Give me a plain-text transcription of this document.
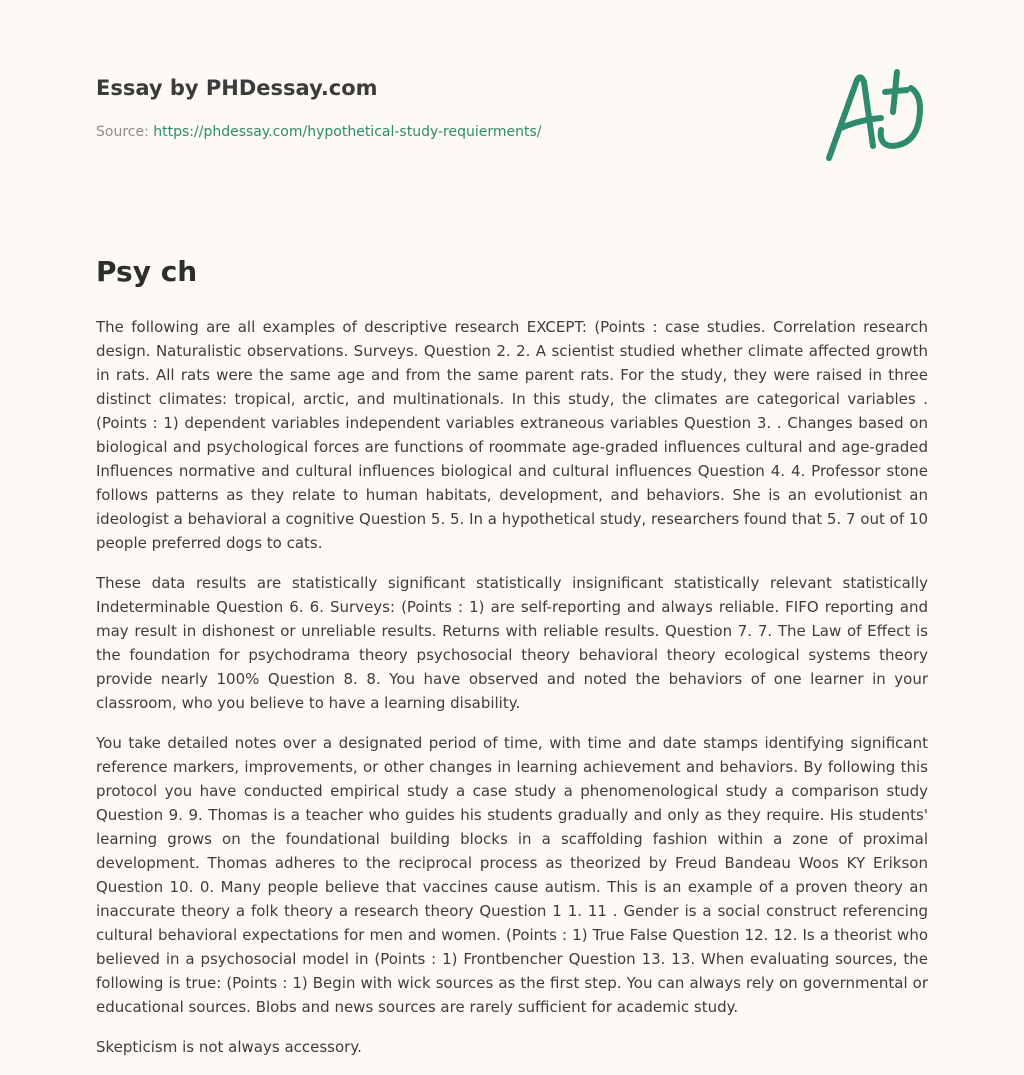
Essay by PHDessay.com
Source: https://phdessay.com/hypothetical-study-requierments/
Psy ch

The following are all examples of descriptive research EXCEPT: (Points : case studies. Correlation research design. Naturalistic observations. Surveys. Question 2. 2. A scientist studied whether climate affected growth in rats. All rats were the same age and from the same parent rats. For the study, they were raised in three distinct climates: tropical, arctic, and multinationals. In this study, the climates are categorical variables . (Points : 1) dependent variables independent variables extraneous variables Question 3. . Changes based on biological and psychological forces are functions of roommate age-graded influences cultural and age-graded Influences normative and cultural influences biological and cultural influences Question 4. 4. Professor stone follows patterns as they relate to human habitats, development, and behaviors. She is an evolutionist an ideologist a behavioral a cognitive Question 5. 5. In a hypothetical study, researchers found that 5. 7 out of 10 people preferred dogs to cats.

These data results are statistically significant statistically insignificant statistically relevant statistically Indeterminable Question 6. 6. Surveys: (Points : 1) are self-reporting and always reliable. FIFO reporting and may result in dishonest or unreliable results. Returns with reliable results. Question 7. 7. The Law of Effect is the foundation for psychodrama theory psychosocial theory behavioral theory ecological systems theory provide nearly 100% Question 8. 8. You have observed and noted the behaviors of one learner in your classroom, who you believe to have a learning disability.

You take detailed notes over a designated period of time, with time and date stamps identifying significant reference markers, improvements, or other changes in learning achievement and behaviors. By following this protocol you have conducted empirical study a case study a phenomenological study a comparison study Question 9. 9. Thomas is a teacher who guides his students gradually and only as they require. His students' learning grows on the foundational building blocks in a scaffolding fashion within a zone of proximal development. Thomas adheres to the reciprocal process as theorized by Freud Bandeau Woos KY Erikson Question 10. 0. Many people believe that vaccines cause autism. This is an example of a proven theory an inaccurate theory a folk theory a research theory Question 1 1. 11 . Gender is a social construct referencing cultural behavioral expectations for men and women. (Points : 1) True False Question 12. 12. Is a theorist who believed in a psychosocial model in (Points : 1) Frontbencher Question 13. 13. When evaluating sources, the following is true: (Points : 1) Begin with wick sources as the first step. You can always rely on governmental or educational sources. Blobs and news sources are rarely sufficient for academic study.

Skepticism is not always accessory.
